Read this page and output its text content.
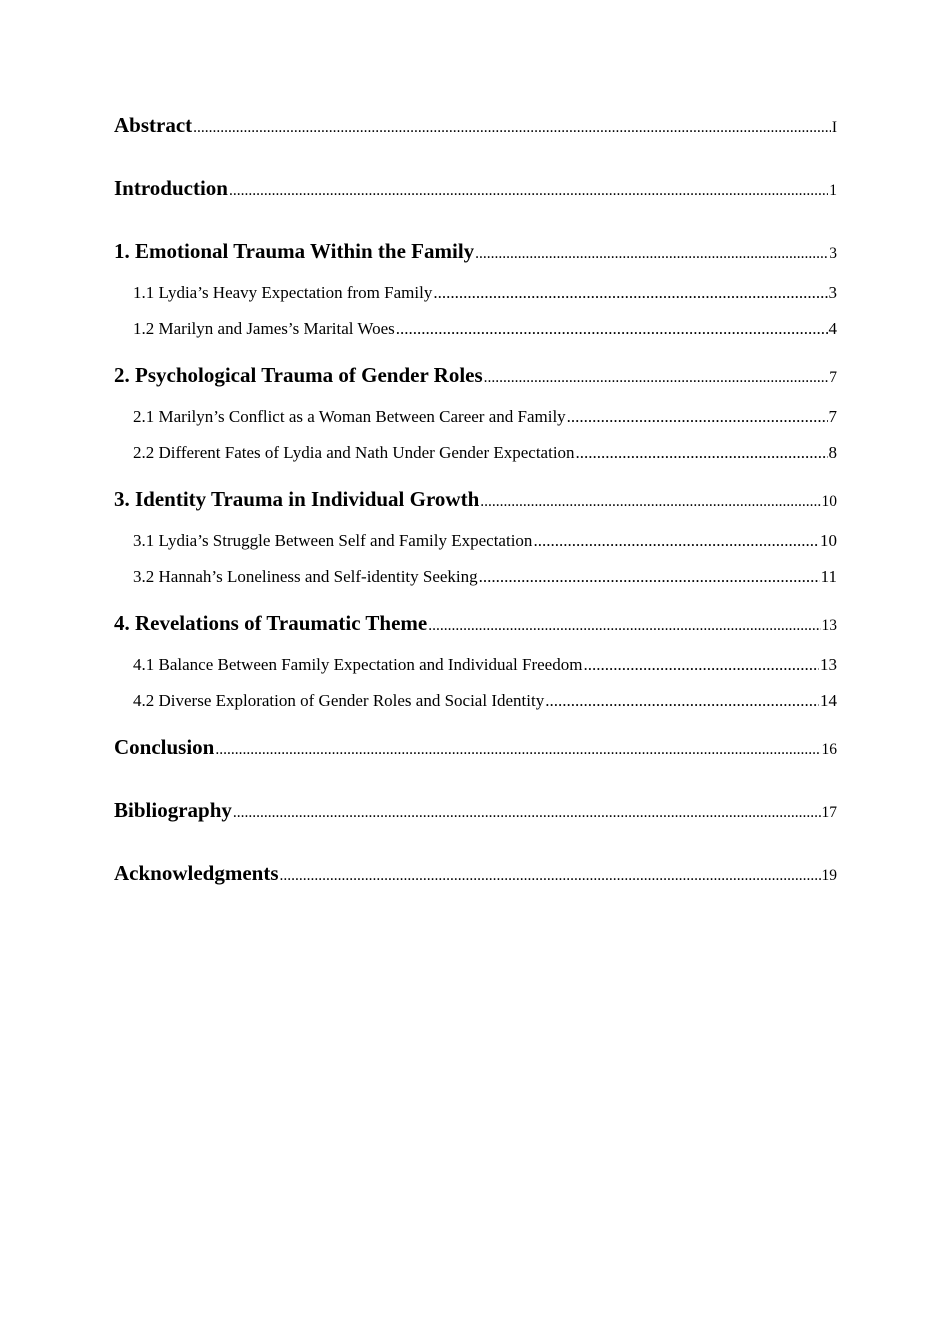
Abstract .....	I
Introduction .....	1
1. Emotional Trauma Within the Family .....	3
1.1 Lydia’s Heavy Expectation from Family .....	3
1.2 Marilyn and James’s Marital Woes .....	4
2. Psychological Trauma of Gender Roles .....	7
2.1 Marilyn’s Conflict as a Woman Between Career and Family .....	7
2.2 Different Fates of Lydia and Nath Under Gender Expectation .....	8
3. Identity Trauma in Individual Growth .....	10
3.1 Lydia’s Struggle Between Self and Family Expectation .....	10
3.2 Hannah’s Loneliness and Self-identity Seeking .....	11
4. Revelations of Traumatic Theme .....	13
4.1 Balance Between Family Expectation and Individual Freedom .....	13
4.2 Diverse Exploration of Gender Roles and Social Identity .....	14
Conclusion .....	16
Bibliography .....	17
Acknowledgments .....	19
